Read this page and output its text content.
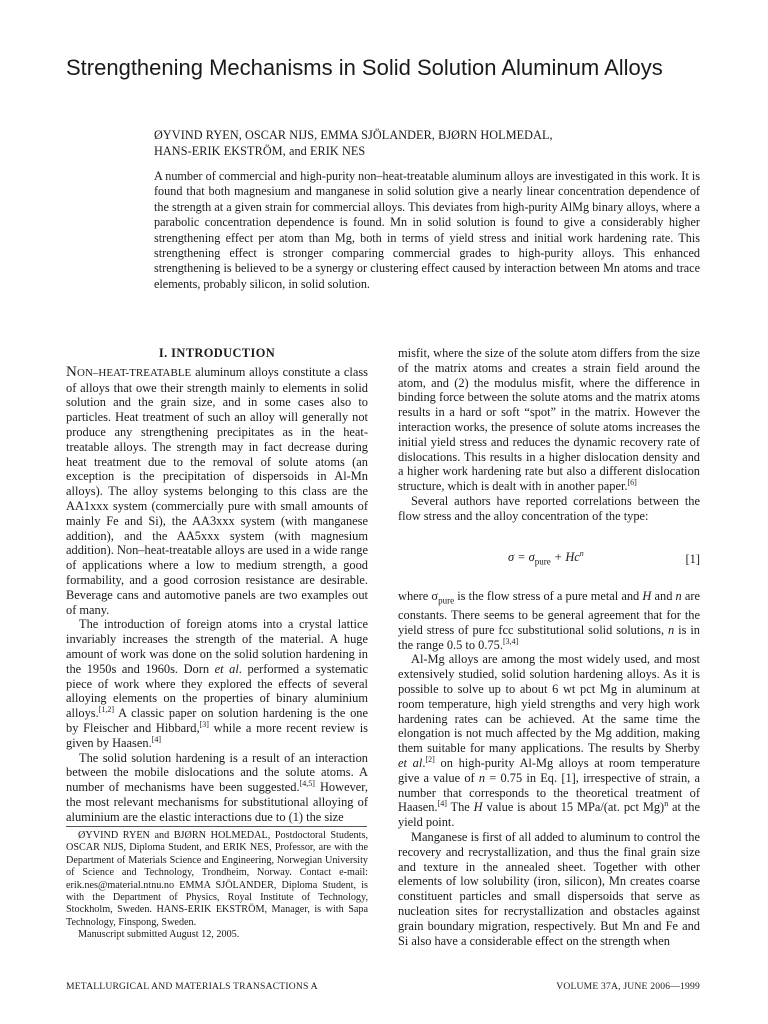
Strengthening Mechanisms in Solid Solution Aluminum Alloys
ØYVIND RYEN, OSCAR NIJS, EMMA SJÖLANDER, BJØRN HOLMEDAL,
HANS-ERIK EKSTRÖM, and ERIK NES

A number of commercial and high-purity non–heat-treatable aluminum alloys are investigated in this work. It is found that both magnesium and manganese in solid solution give a nearly linear concentration dependence of the strength at a given strain for commercial alloys. This deviates from high-purity AlMg binary alloys, where a parabolic concentration dependence is found. Mn in solid solution is found to give a considerably higher strengthening effect per atom than Mg, both in terms of yield stress and initial work hardening rate. This strengthening effect is stronger comparing commercial grades to high-purity alloys. This enhanced strengthening is believed to be a synergy or clustering effect caused by interaction between Mn atoms and trace elements, probably silicon, in solid solution.

I. INTRODUCTION

NON–HEAT-TREATABLE aluminum alloys constitute a class of alloys that owe their strength mainly to elements in solid solution and the grain size, and in some cases also to particles. Heat treatment of such an alloy will generally not produce any strengthening precipitates as in the heat-treatable alloys. The strength may in fact decrease during heat treatment due to the removal of solute atoms (an exception is the precipitation of dispersoids in Al-Mn alloys). The alloy systems belonging to this class are the AA1xxx system (commercially pure with small amounts of mainly Fe and Si), the AA3xxx system (with manganese addition), and the AA5xxx system (with magnesium addition). Non–heat-treatable alloys are used in a wide range of applications where a low to medium strength, a good formability, and a good corrosion resistance are desirable. Beverage cans and automotive panels are two examples out of many.

The introduction of foreign atoms into a crystal lattice invariably increases the strength of the material. A huge amount of work was done on the solid solution hardening in the 1950s and 1960s. Dorn et al. performed a systematic piece of work where they explored the effects of several alloying elements on the properties of binary aluminium alloys.[1,2] A classic paper on solution hardening is the one by Fleischer and Hibbard,[3] while a more recent review is given by Haasen.[4]

The solid solution hardening is a result of an interaction between the mobile dislocations and the solute atoms. A number of mechanisms have been suggested.[4,5] However, the most relevant mechanisms for substitutional alloying of aluminium are the elastic interactions due to (1) the size

misfit, where the size of the solute atom differs from the size of the matrix atoms and creates a strain field around the atom, and (2) the modulus misfit, where the difference in binding force between the solute atoms and the matrix atoms results in a hard or soft “spot” in the matrix. However the interaction works, the presence of solute atoms increases the initial yield stress and reduces the dynamic recovery rate of dislocations. This results in a higher dislocation density and a higher work hardening rate but also a different dislocation structure, which is dealt with in another paper.[6]

Several authors have reported correlations between the flow stress and the alloy concentration of the type:

$\sigma = \sigma_{pure} + Hc^n$	[1]

where $\sigma_{pure}$ is the flow stress of a pure metal and H and n are constants. There seems to be general agreement that for the yield stress of pure fcc substitutional solid solutions, n is in the range 0.5 to 0.75.[3,4]

Al-Mg alloys are among the most widely used, and most extensively studied, solid solution hardening alloys. As it is possible to solve up to about 6 wt pct Mg in aluminum at room temperature, high yield strengths and very high work hardening rates can be achieved. At the same time the elongation is not much affected by the Mg addition, making them suitable for many applications. The results by Sherby et al.[2] on high-purity Al-Mg alloys at room temperature give a value of n = 0.75 in Eq. [1], irrespective of strain, a number that corresponds to the theoretical treatment of Haasen.[4] The H value is about 15 MPa/(at. pct Mg)$^n$ at the yield point.

Manganese is first of all added to aluminum to control the recovery and recrystallization, and thus the final grain size and texture in the annealed sheet. Together with other elements of low solubility (iron, silicon), Mn creates coarse constituent particles and small dispersoids that serve as nucleation sites for recrystallization and obstacles against grain boundary migration, respectively. But Mn and Fe and Si also have a considerable effect on the strength when

ØYVIND RYEN and BJØRN HOLMEDAL, Postdoctoral Students, OSCAR NIJS, Diploma Student, and ERIK NES, Professor, are with the Department of Materials Science and Engineering, Norwegian University of Science and Technology, Trondheim, Norway. Contact e-mail: erik.nes@material.ntnu.no EMMA SJÖLANDER, Diploma Student, is with the Department of Physics, Royal Institute of Technology, Stockholm, Sweden. HANS-ERIK EKSTRÖM, Manager, is with Sapa Technology, Finspong, Sweden.

Manuscript submitted August 12, 2005.

METALLURGICAL AND MATERIALS TRANSACTIONS A	VOLUME 37A, JUNE 2006—1999
